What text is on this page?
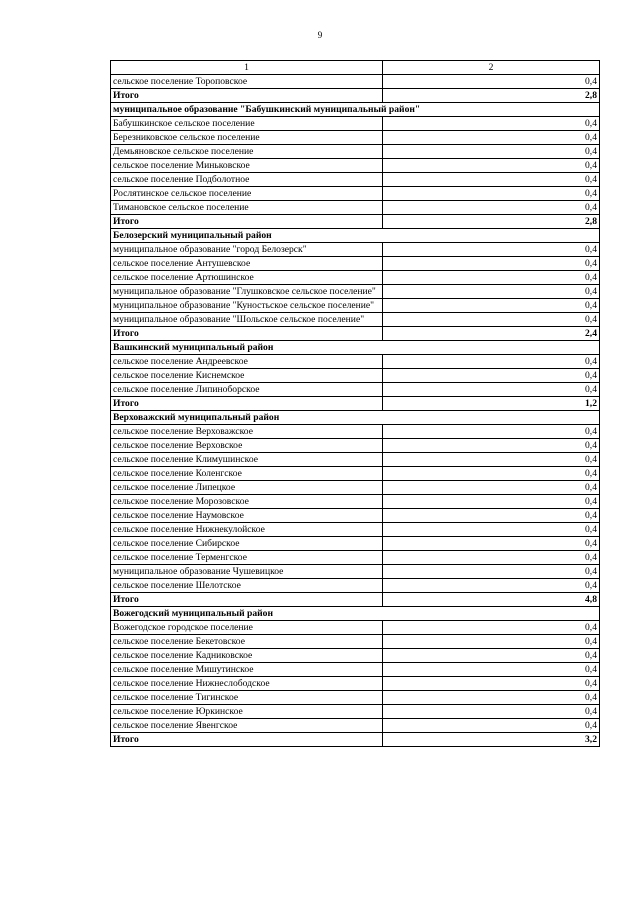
9
1	2
сельское поселение Тороповское	0,4
Итого	2,8
муниципальное образование "Бабушкинский муниципальный район"	
Бабушкинское сельское поселение	0,4
Березниковское сельское поселение	0,4
Демьяновское сельское поселение	0,4
сельское поселение Миньковское	0,4
сельское поселение Подболотное	0,4
Рослятинское сельское поселение	0,4
Тимановское сельское поселение	0,4
Итого	2,8
Белозерский муниципальный район	
муниципальное образование "город Белозерск"	0,4
сельское поселение Антушевское	0,4
сельское поселение Артюшинское	0,4
муниципальное образование "Глушковское сельское поселение"	0,4
муниципальное образование "Куностьское сельское поселение"	0,4
муниципальное образование "Шольское сельское поселение"	0,4
Итого	2,4
Вашкинский муниципальный район	
сельское поселение Андреевское	0,4
сельское поселение Киснемское	0,4
сельское поселение Липиноборское	0,4
Итого	1,2
Верховажский муниципальный район	
сельское поселение Верховажское	0,4
сельское поселение Верховское	0,4
сельское поселение Климушинское	0,4
сельское поселение Коленгское	0,4
сельское поселение Липецкое	0,4
сельское поселение Морозовское	0,4
сельское поселение Наумовское	0,4
сельское поселение Нижнекулойское	0,4
сельское поселение Сибирское	0,4
сельское поселение Терменгское	0,4
муниципальное образование Чушевицкое	0,4
сельское поселение Шелотское	0,4
Итого	4,8
Вожегодский муниципальный район	
Вожегодское городское поселение	0,4
сельское поселение Бекетовское	0,4
сельское поселение Кадниковское	0,4
сельское поселение Мишутинское	0,4
сельское поселение Нижнеслободское	0,4
сельское поселение Тигинское	0,4
сельское поселение Юркинское	0,4
сельское поселение Явенгское	0,4
Итого	3,2
